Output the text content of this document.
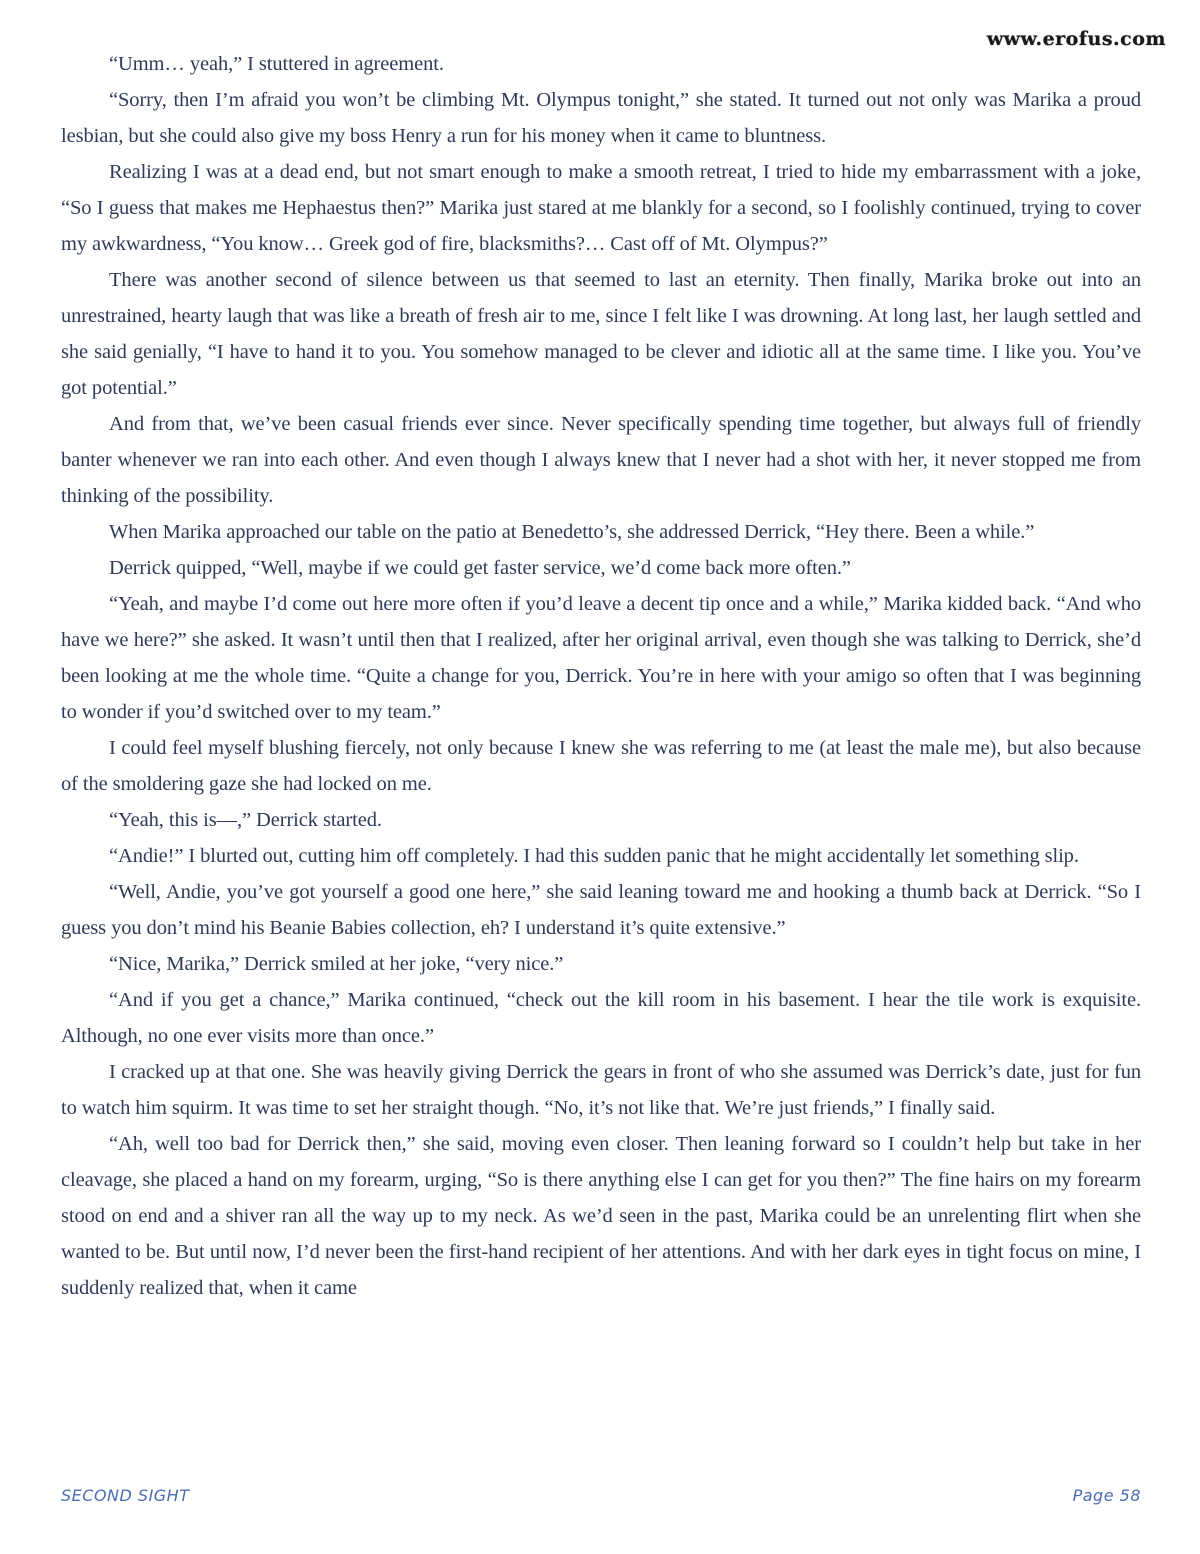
www.erofus.com

“Umm… yeah,” I stuttered in agreement.

“Sorry, then I’m afraid you won’t be climbing Mt. Olympus tonight,” she stated. It turned out not only was Marika a proud lesbian, but she could also give my boss Henry a run for his money when it came to bluntness.

Realizing I was at a dead end, but not smart enough to make a smooth retreat, I tried to hide my embarrassment with a joke, “So I guess that makes me Hephaestus then?” Marika just stared at me blankly for a second, so I foolishly continued, trying to cover my awkwardness, “You know… Greek god of fire, blacksmiths?… Cast off of Mt. Olympus?”

There was another second of silence between us that seemed to last an eternity. Then finally, Marika broke out into an unrestrained, hearty laugh that was like a breath of fresh air to me, since I felt like I was drowning. At long last, her laugh settled and she said genially, “I have to hand it to you. You somehow managed to be clever and idiotic all at the same time. I like you. You’ve got potential.”

And from that, we’ve been casual friends ever since. Never specifically spending time together, but always full of friendly banter whenever we ran into each other. And even though I always knew that I never had a shot with her, it never stopped me from thinking of the possibility.

When Marika approached our table on the patio at Benedetto’s, she addressed Derrick, “Hey there. Been a while.”

Derrick quipped, “Well, maybe if we could get faster service, we’d come back more often.”

“Yeah, and maybe I’d come out here more often if you’d leave a decent tip once and a while,” Marika kidded back. “And who have we here?” she asked. It wasn’t until then that I realized, after her original arrival, even though she was talking to Derrick, she’d been looking at me the whole time. “Quite a change for you, Derrick. You’re in here with your amigo so often that I was beginning to wonder if you’d switched over to my team.”

I could feel myself blushing fiercely, not only because I knew she was referring to me (at least the male me), but also because of the smoldering gaze she had locked on me.

“Yeah, this is—,” Derrick started.

“Andie!” I blurted out, cutting him off completely. I had this sudden panic that he might accidentally let something slip.

“Well, Andie, you’ve got yourself a good one here,” she said leaning toward me and hooking a thumb back at Derrick. “So I guess you don’t mind his Beanie Babies collection, eh? I understand it’s quite extensive.”

“Nice, Marika,” Derrick smiled at her joke, “very nice.”

“And if you get a chance,” Marika continued, “check out the kill room in his basement. I hear the tile work is exquisite. Although, no one ever visits more than once.”

I cracked up at that one. She was heavily giving Derrick the gears in front of who she assumed was Derrick’s date, just for fun to watch him squirm. It was time to set her straight though. “No, it’s not like that. We’re just friends,” I finally said.

“Ah, well too bad for Derrick then,” she said, moving even closer. Then leaning forward so I couldn’t help but take in her cleavage, she placed a hand on my forearm, urging, “So is there anything else I can get for you then?” The fine hairs on my forearm stood on end and a shiver ran all the way up to my neck. As we’d seen in the past, Marika could be an unrelenting flirt when she wanted to be. But until now, I’d never been the first-hand recipient of her attentions. And with her dark eyes in tight focus on mine, I suddenly realized that, when it came

SECOND SIGHT	Page 58
